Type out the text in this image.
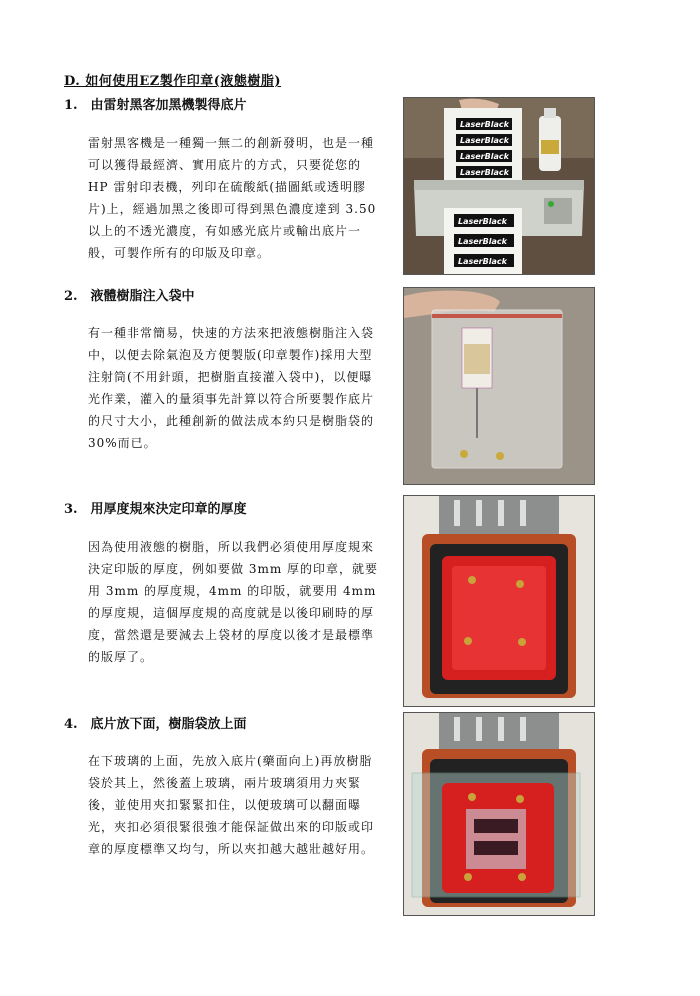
D. 如何使用EZ製作印章(液態樹脂)
1. 由雷射黑客加黑機製得底片

雷射黑客機是一種獨一無二的創新發明，也是一種可以獲得最經濟、實用底片的方式，只要從您的 HP 雷射印表機，列印在硫酸紙(描圖紙或透明膠片)上，經過加黑之後即可得到黑色濃度達到 3.50 以上的不透光濃度，有如感光底片或輸出底片一般，可製作所有的印版及印章。

LaserBlack
LaserBlack
LaserBlack
LaserBlack
LaserBlack
LaserBlack
LaserBlack
2. 液體樹脂注入袋中

有一種非常簡易，快速的方法來把液態樹脂注入袋中，以便去除氣泡及方便製版(印章製作)採用大型注射筒(不用針頭，把樹脂直接灌入袋中)，以便曝光作業，灌入的量須事先計算以符合所要製作底片的尺寸大小，此種創新的做法成本約只是樹脂袋的 30%而已。

3. 用厚度規來決定印章的厚度

因為使用液態的樹脂，所以我們必須使用厚度規來決定印版的厚度，例如要做 3mm 厚的印章，就要用 3mm 的厚度規，4mm 的印版，就要用 4mm 的厚度規，這個厚度規的高度就是以後印刷時的厚度，當然還是要減去上袋材的厚度以後才是最標準的版厚了。

4. 底片放下面，樹脂袋放上面

在下玻璃的上面，先放入底片(藥面向上)再放樹脂袋於其上，然後蓋上玻璃，兩片玻璃須用力夾緊後，並使用夾扣緊緊扣住，以便玻璃可以翻面曝光，夾扣必須很緊很強才能保証做出來的印版或印章的厚度標準又均勻，所以夾扣越大越壯越好用。
